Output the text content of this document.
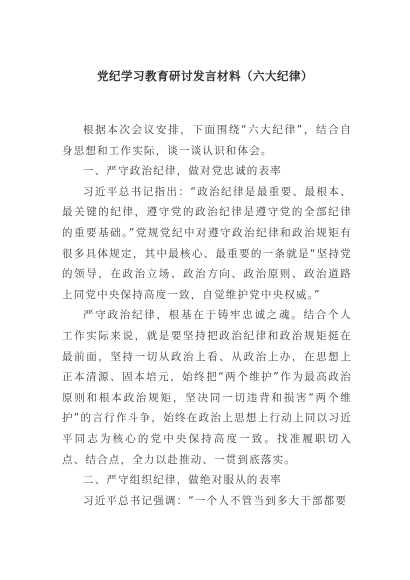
党纪学习教育研讨发言材料（六大纪律）

根据本次会议安排，下面围绕“六大纪律”，结合自身思想和工作实际，谈一谈认识和体会。

一、严守政治纪律，做对党忠诚的表率

习近平总书记指出：“政治纪律是最重要、最根本、最关键的纪律，遵守党的政治纪律是遵守党的全部纪律的重要基础。”党规党纪中对遵守政治纪律和政治规矩有很多具体规定，其中最核心、最重要的一条就是“坚持党的领导，在政治立场、政治方向、政治原则、政治道路上同党中央保持高度一致，自觉维护党中央权威。”

严守政治纪律，根基在于铸牢忠诚之魂。结合个人工作实际来说，就是要坚持把政治纪律和政治规矩挺在最前面，坚持一切从政治上看、从政治上办，在思想上正本清源、固本培元，始终把“两个维护”作为最高政治原则和根本政治规矩，坚决同一切违背和损害“两个维护”的言行作斗争，始终在政治上思想上行动上同以习近平同志为核心的党中央保持高度一致。找准履职切入点、结合点，全力以赴推动、一贯到底落实。

二、严守组织纪律，做绝对服从的表率

习近平总书记强调：“一个人不管当到多大干部都要
